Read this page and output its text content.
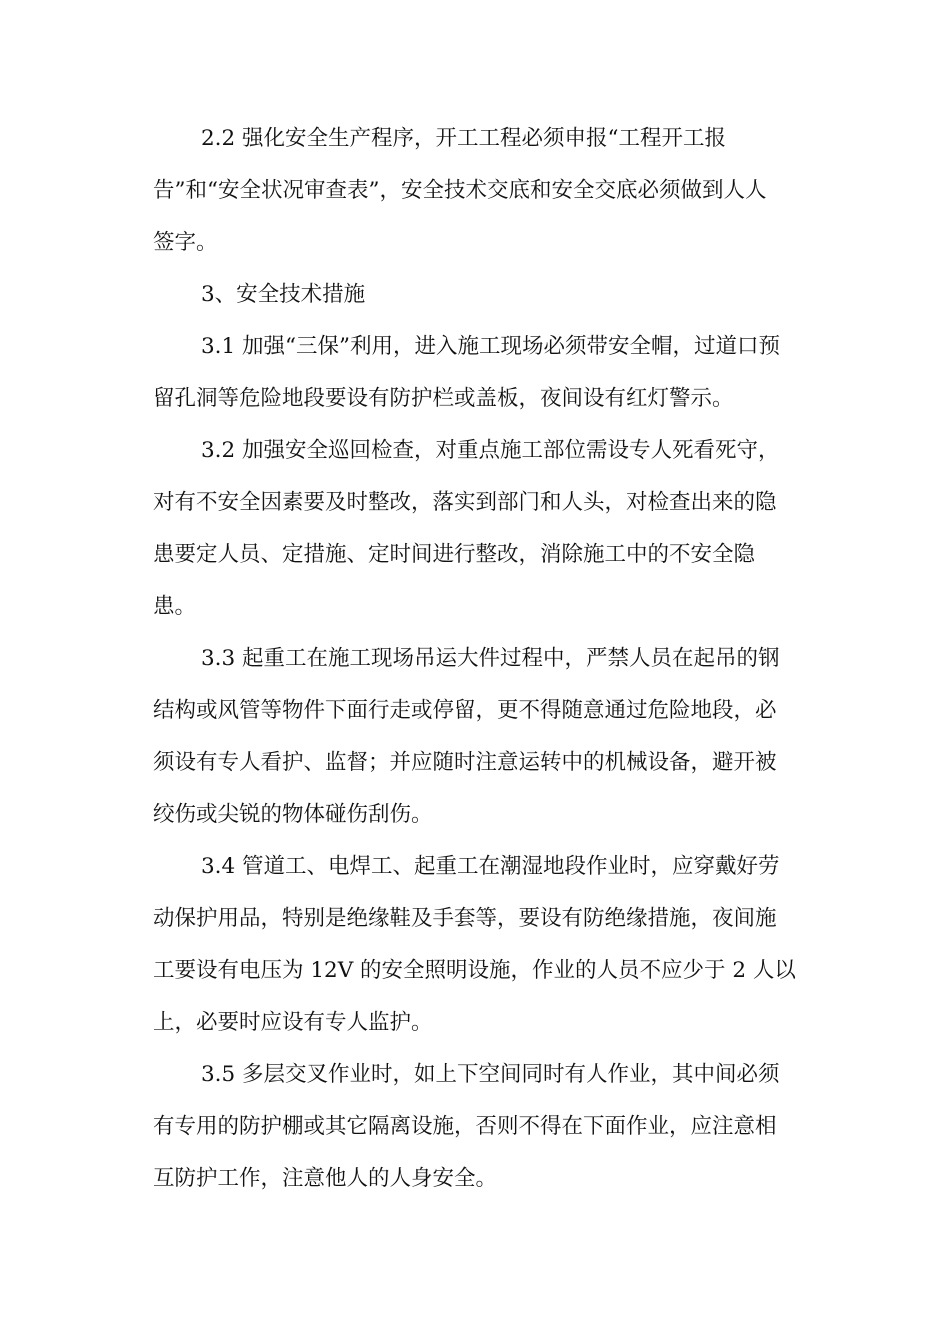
2.2 强化安全生产程序，开工工程必须申报“工程开工报
告”和“安全状况审查表”，安全技术交底和安全交底必须做到人人
签字。
3、安全技术措施
3.1 加强“三保”利用，进入施工现场必须带安全帽，过道口预
留孔洞等危险地段要设有防护栏或盖板，夜间设有红灯警示。
3.2 加强安全巡回检查，对重点施工部位需设专人死看死守，
对有不安全因素要及时整改，落实到部门和人头，对检查出来的隐
患要定人员、定措施、定时间进行整改，消除施工中的不安全隐
患。
3.3 起重工在施工现场吊运大件过程中，严禁人员在起吊的钢
结构或风管等物件下面行走或停留，更不得随意通过危险地段，必
须设有专人看护、监督；并应随时注意运转中的机械设备，避开被
绞伤或尖锐的物体碰伤刮伤。
3.4 管道工、电焊工、起重工在潮湿地段作业时，应穿戴好劳
动保护用品，特别是绝缘鞋及手套等，要设有防绝缘措施，夜间施
工要设有电压为 12V 的安全照明设施，作业的人员不应少于 2 人以
上，必要时应设有专人监护。
3.5 多层交叉作业时，如上下空间同时有人作业，其中间必须
有专用的防护棚或其它隔离设施，否则不得在下面作业，应注意相
互防护工作，注意他人的人身安全。
